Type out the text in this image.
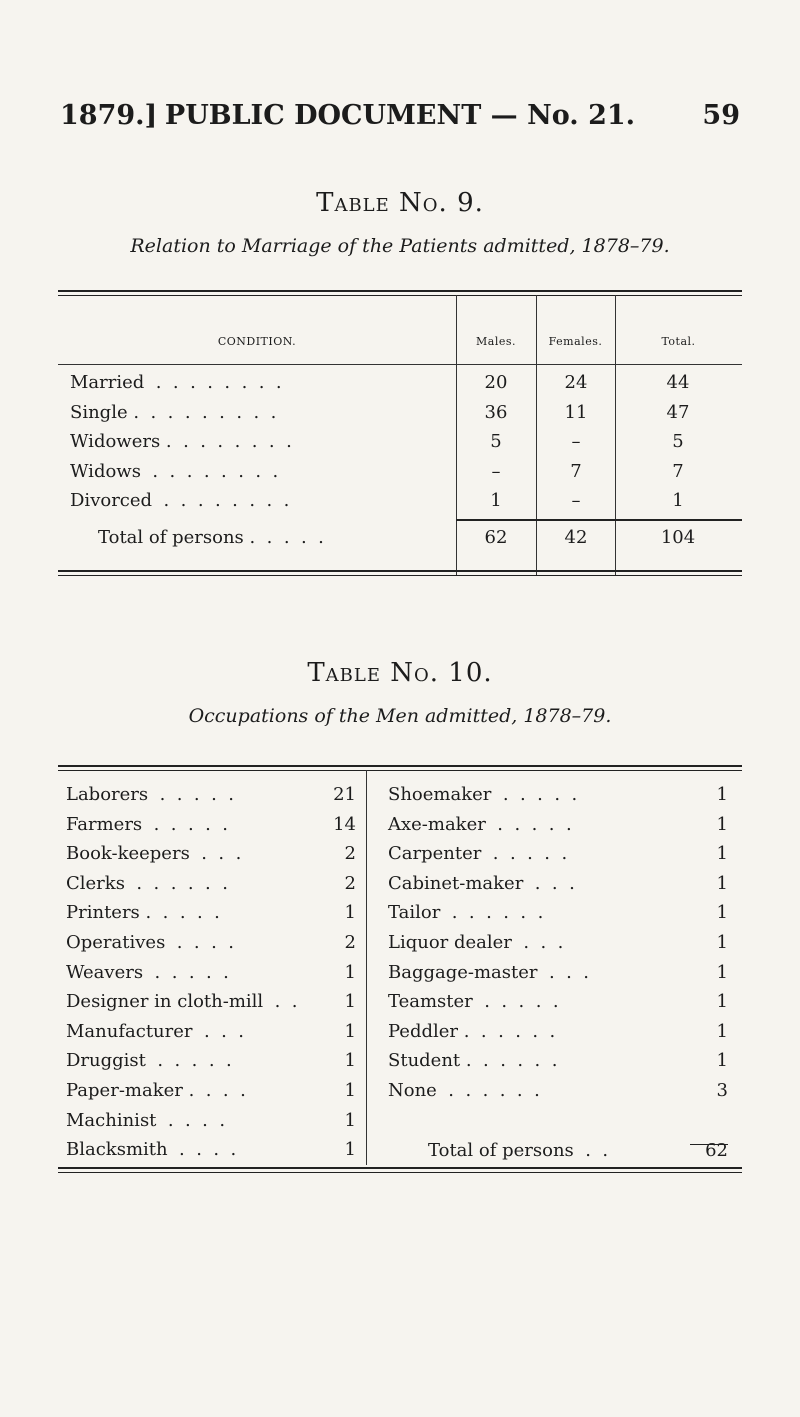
1879.] PUBLIC DOCUMENT — No. 21.	59
Table No. 9.
Relation to Marriage of the Patients admitted, 1878–79.
CONDITION.	Males.	Females.	Total.
Married  .  .  .  .  .  .  .  .	20	24	44
Single .  .  .  .  .  .  .  .  .	36	11	47
Widowers .  .  .  .  .  .  .  .	5	–	5
Widows  .  .  .  .  .  .  .  .	–	7	7
Divorced  .  .  .  .  .  .  .  .	1	–	1
Total of persons .  .  .  .  .	62	42	104
Table No. 10.
Occupations of the Men admitted, 1878–79.
Laborers  .  .  .  .  .	21
Farmers  .  .  .  .  .	14
Book-keepers  .  .  .	2
Clerks  .  .  .  .  .  .	2
Printers .  .  .  .  .	1
Operatives  .  .  .  .	2
Weavers  .  .  .  .  .	1
Designer in cloth-mill  .  .	1
Manufacturer  .  .  .	1
Druggist  .  .  .  .  .	1
Paper-maker .  .  .  .	1
Machinist  .  .  .  .	1
Blacksmith  .  .  .  .	1
Shoemaker  .  .  .  .  .	1
Axe-maker  .  .  .  .  .	1
Carpenter  .  .  .  .  .	1
Cabinet-maker  .  .  .	1
Tailor  .  .  .  .  .  .	1
Liquor dealer  .  .  .	1
Baggage-master  .  .  .	1
Teamster  .  .  .  .  .	1
Peddler .  .  .  .  .  .	1
Student .  .  .  .  .  .	1
None  .  .  .  .  .  .	3
Total of persons  .  .	62
